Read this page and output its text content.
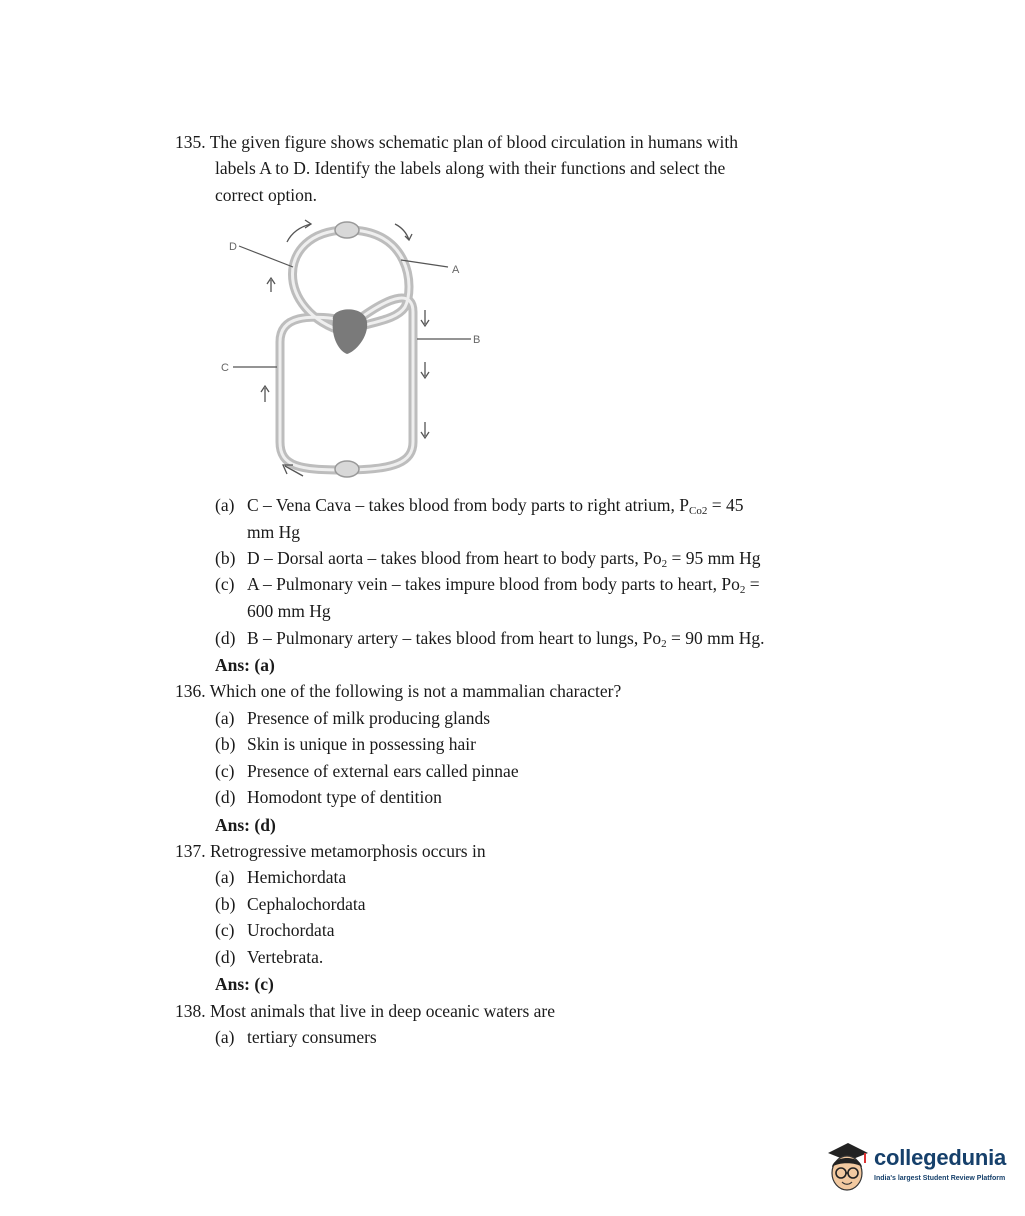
135. The given figure shows schematic plan of blood circulation in humans with
labels A to D. Identify the labels along with their functions and select the
correct option.
D
A
B
C
(a) C – Vena Cava – takes blood from body parts to right atrium, $P_{Co2} = 45$
mm Hg
(b) D – Dorsal aorta – takes blood from heart to body parts, $Po_2 = 95$ mm Hg
(c) A – Pulmonary vein – takes impure blood from body parts to heart, $Po_2$ =
600 mm Hg
(d) B – Pulmonary artery – takes blood from heart to lungs, $Po_2 = 90$ mm Hg.
Ans: (a)
136. Which one of the following is not a mammalian character?
(a) Presence of milk producing glands
(b) Skin is unique in possessing hair
(c) Presence of external ears called pinnae
(d) Homodont type of dentition
Ans: (d)
137. Retrogressive metamorphosis occurs in
(a) Hemichordata
(b) Cephalochordata
(c) Urochordata
(d) Vertebrata.
Ans: (c)
138. Most animals that live in deep oceanic waters are
(a) tertiary consumers
collegedunia
India's largest Student Review Platform
